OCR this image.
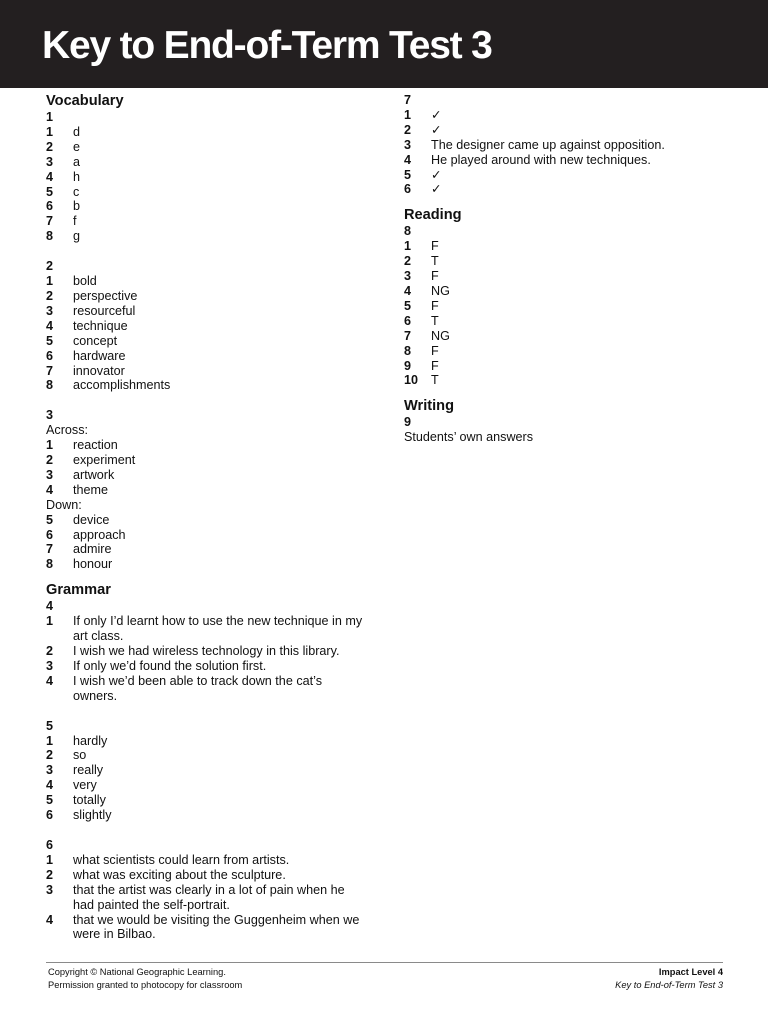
Key to End-of-Term Test 3
Vocabulary
1
1	d
2	e
3	a
4	h
5	c
6	b
7	f
8	g
2
1	bold
2	perspective
3	resourceful
4	technique
5	concept
6	hardware
7	innovator
8	accomplishments
3
Across:
1	reaction
2	experiment
3	artwork
4	theme
Down:
5	device
6	approach
7	admire
8	honour
Grammar
4
1	If only I’d learnt how to use the new technique in my art class.
2	I wish we had wireless technology in this library.
3	If only we’d found the solution first.
4	I wish we’d been able to track down the cat’s owners.
5
1	hardly
2	so
3	really
4	very
5	totally
6	slightly
6
1	what scientists could learn from artists.
2	what was exciting about the sculpture.
3	that the artist was clearly in a lot of pain when he had painted the self-portrait.
4	that we would be visiting the Guggenheim when we were in Bilbao.
7
1	✓
2	✓
3	The designer came up against opposition.
4	He played around with new techniques.
5	✓
6	✓
Reading
8
1	F
2	T
3	F
4	NG
5	F
6	T
7	NG
8	F
9	F
10	T
Writing
9
Students’ own answers
Copyright © National Geographic Learning.
Permission granted to photocopy for classroom
Impact Level 4
Key to End-of-Term Test 3
